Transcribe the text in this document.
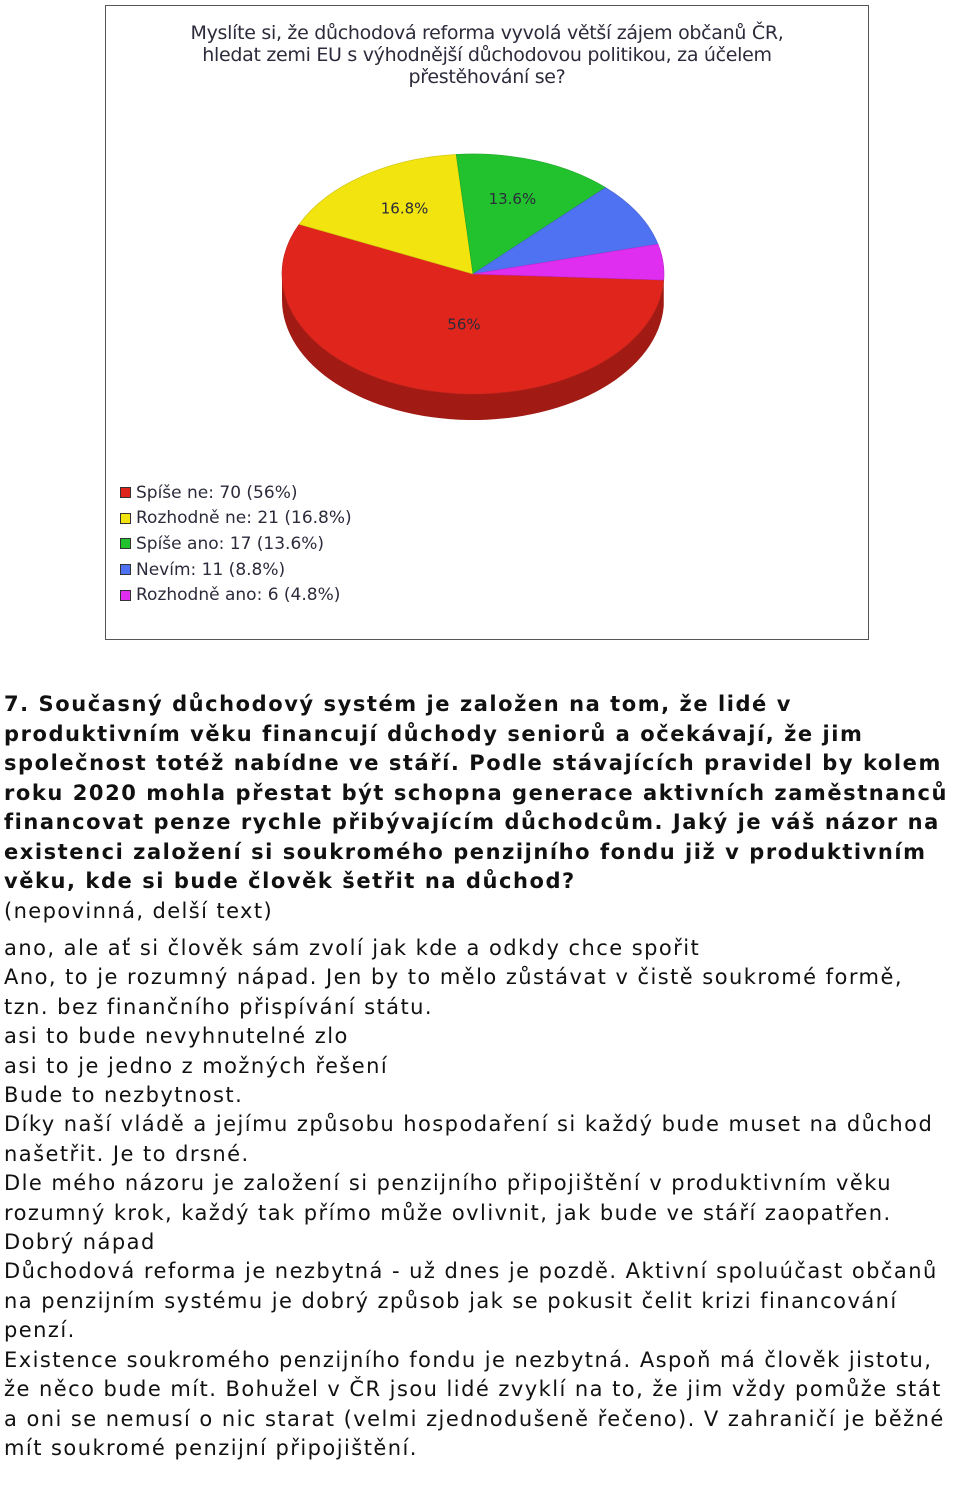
Myslíte si, že důchodová reforma vyvolá větší zájem občanů ČR,
hledat zemi EU s výhodnější důchodovou politikou, za účelem
přestěhování se?
56%
16.8%
13.6%
Spíše ne: 70 (56%)
Rozhodně ne: 21 (16.8%)
Spíše ano: 17 (13.6%)
Nevím: 11 (8.8%)
Rozhodně ano: 6 (4.8%)
7. Současný důchodový systém je založen na tom, že lidé v produktivním věku financují důchody seniorů a očekávají, že jim společnost totéž nabídne ve stáří. Podle stávajících pravidel by kolem roku 2020 mohla přestat být schopna generace aktivních zaměstnanců financovat penze rychle přibývajícím důchodcům. Jaký je váš názor na existenci založení si soukromého penzijního fondu již v produktivním věku, kde si bude člověk šetřit na důchod?
(nepovinná, delší text)
ano, ale ať si člověk sám zvolí jak kde a odkdy chce spořit
Ano, to je rozumný nápad. Jen by to mělo zůstávat v čistě soukromé formě, tzn. bez finančního přispívání státu.
asi to bude nevyhnutelné zlo
asi to je jedno z možných řešení
Bude to nezbytnost.
Díky naší vládě a jejímu způsobu hospodaření si každý bude muset na důchod našetřit. Je to drsné.
Dle mého názoru je založení si penzijního připojištění v produktivním věku rozumný krok, každý tak přímo může ovlivnit, jak bude ve stáří zaopatřen.
Dobrý nápad
Důchodová reforma je nezbytná - už dnes je pozdě. Aktivní spoluúčast občanů na penzijním systému je dobrý způsob jak se pokusit čelit krizi financování penzí.
Existence soukromého penzijního fondu je nezbytná. Aspoň má člověk jistotu, že něco bude mít. Bohužel v ČR jsou lidé zvyklí na to, že jim vždy pomůže stát a oni se nemusí o nic starat (velmi zjednodušeně řečeno). V zahraničí je běžné mít soukromé penzijní připojištění.
